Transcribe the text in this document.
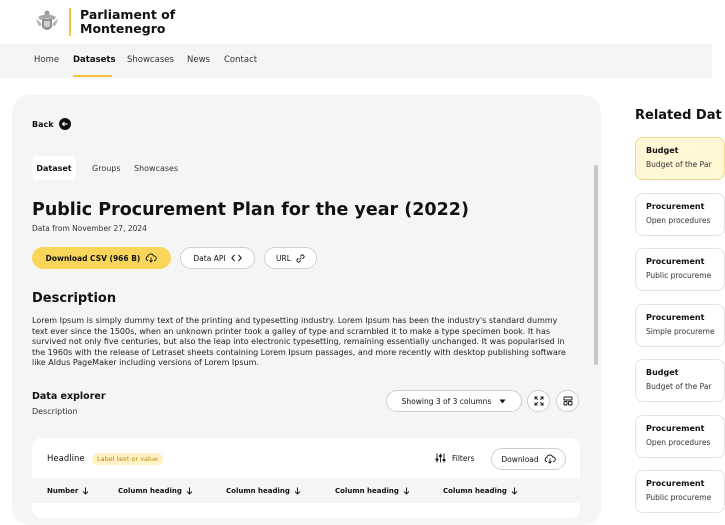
Parliament of Montenegro
Home Datasets Showcases News Contact
Back
Dataset	Groups Showcases
Public Procurement Plan for the year (2022)
Data from November 27, 2024
Download CSV (966 B)	Data API	URL
Description
Lorem Ipsum is simply dummy text of the printing and typesetting industry. Lorem Ipsum has been the industry's standard dummy text ever since the 1500s, when an unknown printer took a galley of type and scrambled it to make a type specimen book. It has survived not only five centuries, but also the leap into electronic typesetting, remaining essentially unchanged. It was popularised in the 1960s with the release of Letraset sheets containing Lorem Ipsum passages, and more recently with desktop publishing software like Aldus PageMaker including versions of Lorem Ipsum.
Data explorer
Description
Showing 3 of 3 columns
Headline	Label text or value	Filters	Download
Number	Column heading	Column heading	Column heading	Column heading
Related Dat
Budget
Budget of the Par
Procurement
Open procedures
Procurement
Public procureme
Procurement
Simple procureme
Budget
Budget of the Par
Procurement
Open procedures
Procurement
Public procureme
